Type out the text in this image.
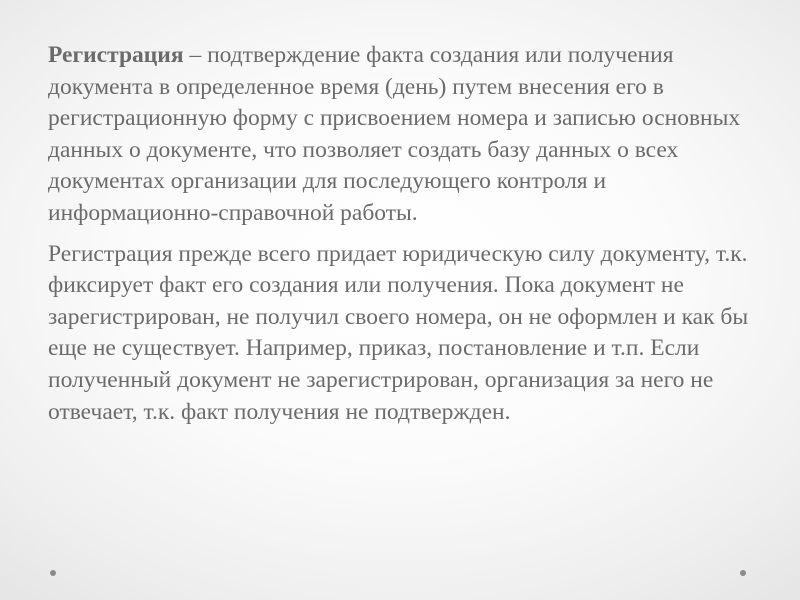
Регистрация – подтверждение факта создания или получения документа в определенное время (день) путем внесения его в регистрационную форму с присвоением номера и записью основных данных о документе, что позволяет создать базу данных о всех документах организации для последующего контроля и информационно-справочной работы.

Регистрация прежде всего придает юридическую силу документу, т.к. фиксирует факт его создания или получения. Пока документ не зарегистрирован, не получил своего номера, он не оформлен и как бы еще не существует. Например, приказ, постановление и т.п. Если полученный документ не зарегистрирован, организация за него не отвечает, т.к. факт получения не подтвержден.
